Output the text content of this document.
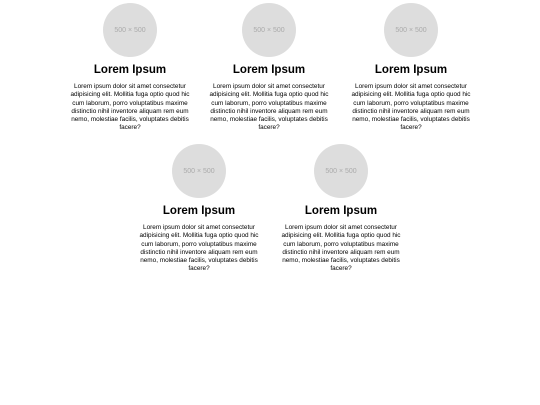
500 × 500
Lorem Ipsum
Lorem ipsum dolor sit amet consectetur adipisicing elit. Mollitia fuga optio quod hic cum laborum, porro voluptatibus maxime distinctio nihil inventore aliquam rem eum nemo, molestiae facilis, voluptates debitis facere?
500 × 500
Lorem Ipsum
Lorem ipsum dolor sit amet consectetur adipisicing elit. Mollitia fuga optio quod hic cum laborum, porro voluptatibus maxime distinctio nihil inventore aliquam rem eum nemo, molestiae facilis, voluptates debitis facere?
500 × 500
Lorem Ipsum
Lorem ipsum dolor sit amet consectetur adipisicing elit. Mollitia fuga optio quod hic cum laborum, porro voluptatibus maxime distinctio nihil inventore aliquam rem eum nemo, molestiae facilis, voluptates debitis facere?
500 × 500
Lorem Ipsum
Lorem ipsum dolor sit amet consectetur adipisicing elit. Mollitia fuga optio quod hic cum laborum, porro voluptatibus maxime distinctio nihil inventore aliquam rem eum nemo, molestiae facilis, voluptates debitis facere?
500 × 500
Lorem Ipsum
Lorem ipsum dolor sit amet consectetur adipisicing elit. Mollitia fuga optio quod hic cum laborum, porro voluptatibus maxime distinctio nihil inventore aliquam rem eum nemo, molestiae facilis, voluptates debitis facere?
